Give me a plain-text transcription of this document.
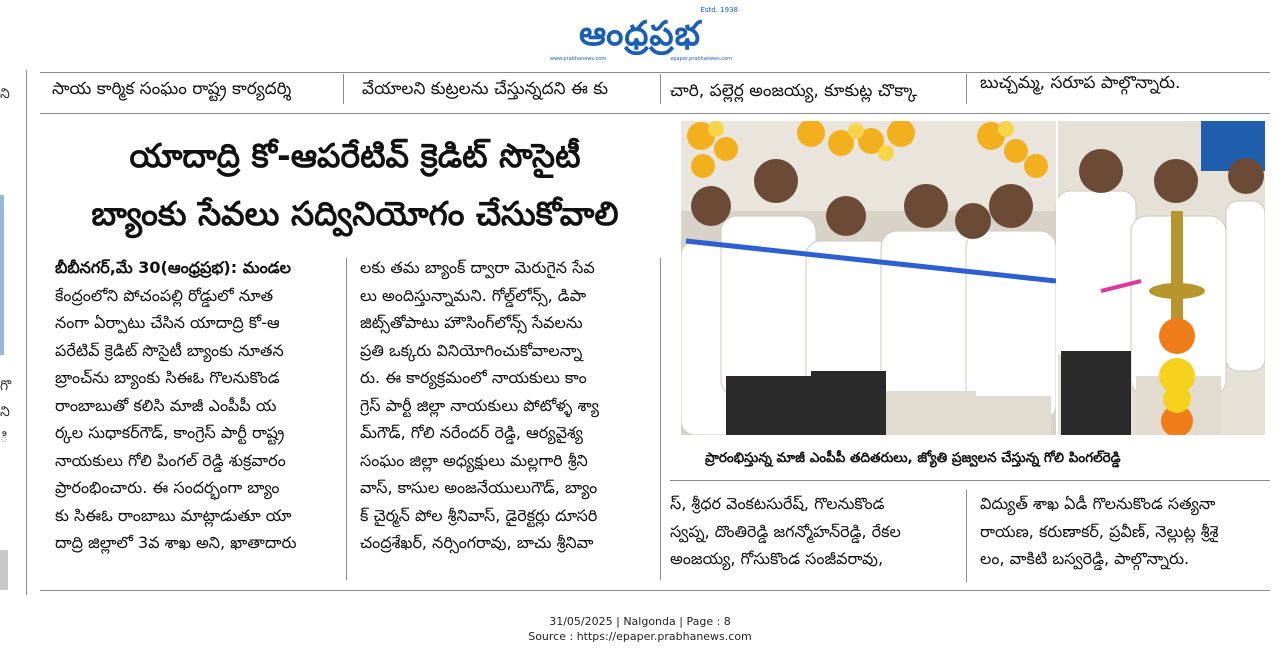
ని
గొ
ని
ి
Estd. 1938
ఆంధ్రప్రభ
www.prabhanews.com	epaper.prabhanews.com
సాయ కార్మిక సంఘం రాష్ట్ర కార్యదర్శి	వేయాలని కుట్రలను చేస్తున్నదని ఈ కు	చారి, పల్లెర్ల అంజయ్య, కూకుట్ల చొక్కా	బుచ్చమ్మ, సరూప పాల్గొన్నారు.
యాదాద్రి కో-ఆపరేటివ్ క్రెడిట్ సొసైటీ
బ్యాంకు సేవలు సద్వినియోగం చేసుకోవాలి
బీబీనగర్,మే 30(ఆంధ్రప్రభ): మండల
కేంద్రంలోని పోచంపల్లి రోడ్డులో నూత
నంగా ఏర్పాటు చేసిన యాదాద్రి కో-ఆ
పరేటివ్ క్రెడిట్ సొసైటీ బ్యాంకు నూతన
బ్రాంచ్‌ను బ్యాంకు సిఈఓ గొలనుకొండ
రాంబాబుతో కలిసి మాజీ ఎంపీపీ య
ర్కల సుధాకర్‌గౌడ్, కాంగ్రెస్ పార్టీ రాష్ట్ర
నాయకులు గోలి పింగల్ రెడ్డి శుక్రవారం
ప్రారంభించారు. ఈ సందర్భంగా బ్యాం
కు సిఈఓ రాంబాబు మాట్లాడుతూ యా
దాద్రి జిల్లాలో 3వ శాఖ అని, ఖాతాదారు
లకు తమ బ్యాంక్ ద్వారా మెరుగైన సేవ
లు అందిస్తున్నామని. గోల్డ్‌లోన్స్, డిపా
జిట్స్‌తోపాటు హౌసింగ్‌లోన్స్ సేవలను
ప్రతి ఒక్కరు వినియోగించుకోవాలన్నా
రు. ఈ కార్యక్రమంలో నాయకులు కాం
గ్రెస్ పార్టీ జిల్లా నాయకులు పోటోళ్ళ శ్యా
మ్‌గౌడ్, గోలి నరేందర్ రెడ్డి, ఆర్యవైశ్య
సంఘం జిల్లా అధ్యక్షులు మల్లగారి శ్రీని
వాస్, కాసుల అంజనేయులుగౌడ్, బ్యాం
క్ చైర్మన్ పోల శ్రీనివాస్, డైరెక్టర్లు దూసరి
చంద్రశేఖర్, నర్సింగరావు, బాచు శ్రీనివా
ప్రారంభిస్తున్న మాజీ ఎంపీపీ తదితరులు, జ్యోతి ప్రజ్వలన చేస్తున్న గోలి పింగల్‌రెడ్డి
స్, శ్రీధర వెంకటసురేష్, గొలనుకొండ
స్వప్న, దొంతిరెడ్డి జగన్మోహన్‌రెడ్డి, రేకల
అంజయ్య, గోసుకొండ సంజీవరావు,
విద్యుత్ శాఖ ఏడీ గొలనుకొండ సత్యనా
రాయణ, కరుణాకర్, ప్రవీణ్, నెల్లుట్ల శ్రీశై
లం, వాకిటి బస్వరెడ్డి, పాల్గొన్నారు.
31/05/2025 | Nalgonda | Page : 8
Source : https://epaper.prabhanews.com
